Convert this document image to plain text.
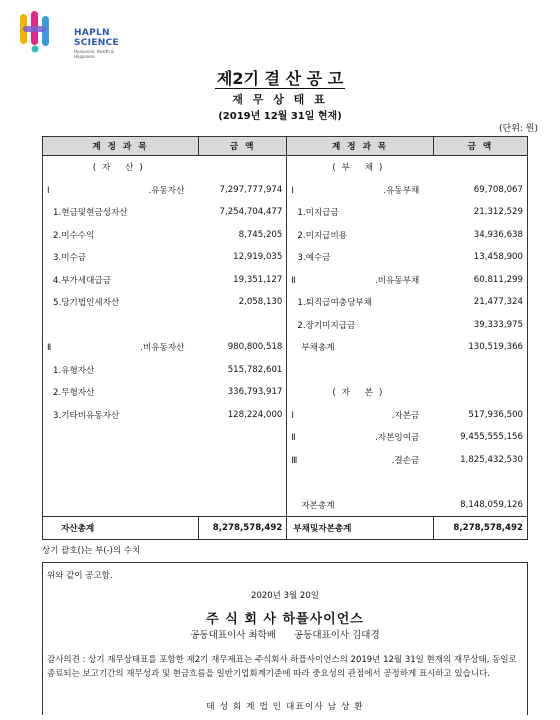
HAPLN
SCIENCE
Hyaluronic Health & Happiness
제2기 결 산 공 고
재 무 상 태 표
(2019년 12월 31일 현재)
(단위: 원)
계 정 과 목	금 액	계 정 과 목	금 액
(자 산)		(부 채)	
Ⅰ.유동자산	7,297,777,974	Ⅰ.유동부채	69,708,067
1.현금및현금성자산	7,254,704,477	1.미지급금	21,312,529
2.미수수익	8,745,205	2.미지급비용	34,936,638
3.미수금	12,919,035	3.예수금	13,458,900
4.부가세대급금	19,351,127	Ⅱ.비유동부채	60,811,299
5.당기법인세자산	2,058,130	1.퇴직급여충당부채	21,477,324
		2.장기미지급금	39,333,975
Ⅱ.비유동자산	980,800,518	부채총계	130,519,366
1.유형자산	515,782,601		
2.무형자산	336,793,917	(자 본)	
3.기타비유동자산	128,224,000	Ⅰ.자본금	517,936,500
		Ⅱ.자본잉여금	9,455,555,156
		Ⅲ.결손금	1,825,432,530

		자본총계	8,148,059,126
자산총계	8,278,578,492	부채및자본총계	8,278,578,492
상기 괄호()는 부(-)의 수치
위와 같이 공고함.
2020년 3월 20일
주 식 회 사 하플사이언스
공동대표이사 최학배      공동대표이사 김대경
감사의견 : 상기 재무상태표를 포함한 제2기 재무제표는 주식회사 하플사이언스의 2019년 12월 31일 현재의 재무상태, 동일로 종료되는 보고기간의 재무성과 및 현금흐름을 일반기업회계기준에 따라 중요성의 관점에서 공정하게 표시하고 있습니다.
태 성 회 계 법 인 대표이사 남 상 환
